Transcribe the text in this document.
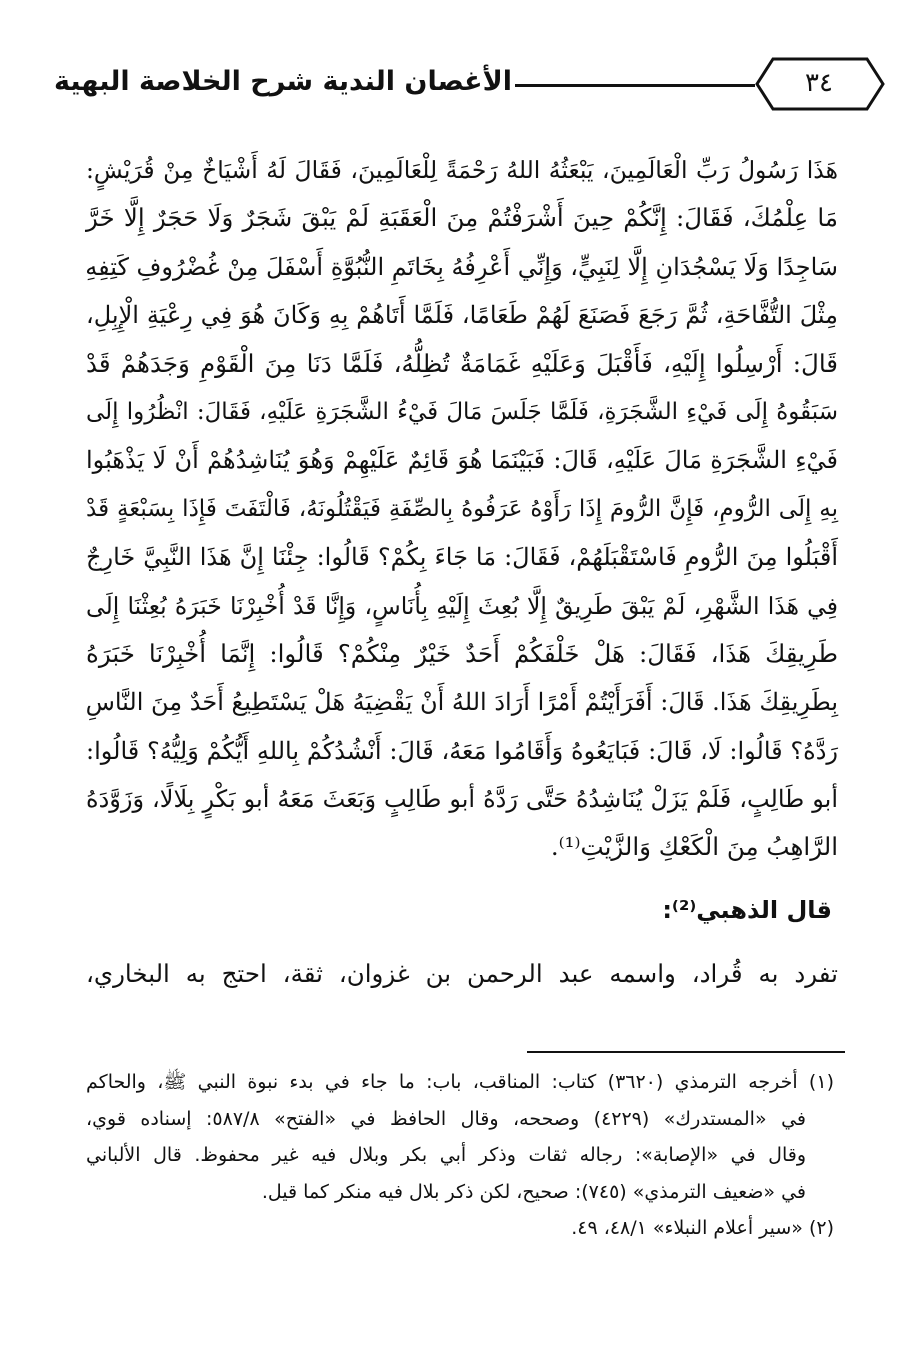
الأغصان الندية شرح الخلاصة البهية	٣٤
هَذَا رَسُولُ رَبِّ الْعَالَمِينَ، يَبْعَثُهُ اللهُ رَحْمَةً لِلْعَالَمِينَ، فَقَالَ لَهُ أَشْيَاخٌ مِنْ قُرَيْشٍ:
مَا عِلْمُكَ، فَقَالَ: إِنَّكُمْ حِينَ أَشْرَفْتُمْ مِنَ الْعَقَبَةِ لَمْ يَبْقَ شَجَرٌ وَلَا حَجَرٌ إِلَّا خَرَّ
سَاجِدًا وَلَا يَسْجُدَانِ إِلَّا لِنَبِيٍّ، وَإِنِّي أَعْرِفُهُ بِخَاتَمِ النُّبُوَّةِ أَسْفَلَ مِنْ غُضْرُوفِ كَتِفِهِ
مِثْلَ التُّفَّاحَةِ، ثُمَّ رَجَعَ فَصَنَعَ لَهُمْ طَعَامًا، فَلَمَّا أَتَاهُمْ بِهِ وَكَانَ هُوَ فِي رِعْيَةِ الْإِبِلِ،
قَالَ: أَرْسِلُوا إِلَيْهِ، فَأَقْبَلَ وَعَلَيْهِ غَمَامَةٌ تُظِلُّهُ، فَلَمَّا دَنَا مِنَ الْقَوْمِ وَجَدَهُمْ قَدْ
سَبَقُوهُ إِلَى فَيْءِ الشَّجَرَةِ، فَلَمَّا جَلَسَ مَالَ فَيْءُ الشَّجَرَةِ عَلَيْهِ، فَقَالَ: انْظُرُوا إِلَى
فَيْءِ الشَّجَرَةِ مَالَ عَلَيْهِ، قَالَ: فَبَيْنَمَا هُوَ قَائِمٌ عَلَيْهِمْ وَهُوَ يُنَاشِدُهُمْ أَنْ لَا يَذْهَبُوا
بِهِ إِلَى الرُّومِ، فَإِنَّ الرُّومَ إِذَا رَأَوْهُ عَرَفُوهُ بِالصِّفَةِ فَيَقْتُلُونَهُ، فَالْتَفَتَ فَإِذَا بِسَبْعَةٍ قَدْ
أَقْبَلُوا مِنَ الرُّومِ فَاسْتَقْبَلَهُمْ، فَقَالَ: مَا جَاءَ بِكُمْ؟ قَالُوا: جِئْنَا إِنَّ هَذَا النَّبِيَّ خَارِجٌ
فِي هَذَا الشَّهْرِ، لَمْ يَبْقَ طَرِيقٌ إِلَّا بُعِثَ إِلَيْهِ بِأُنَاسٍ، وَإِنَّا قَدْ أُخْبِرْنَا خَبَرَهُ بُعِثْنَا إِلَى
طَرِيقِكَ هَذَا، فَقَالَ: هَلْ خَلْفَكُمْ أَحَدٌ خَيْرٌ مِنْكُمْ؟ قَالُوا: إِنَّمَا أُخْبِرْنَا خَبَرَهُ
بِطَرِيقِكَ هَذَا. قَالَ: أَفَرَأَيْتُمْ أَمْرًا أَرَادَ اللهُ أَنْ يَقْضِيَهُ هَلْ يَسْتَطِيعُ أَحَدٌ مِنَ النَّاسِ
رَدَّهُ؟ قَالُوا: لَا، قَالَ: فَبَايَعُوهُ وَأَقَامُوا مَعَهُ، قَالَ: أَنْشُدُكُمْ بِاللهِ أَيُّكُمْ وَلِيُّهُ؟ قَالُوا:
أبو طَالِبٍ، فَلَمْ يَزَلْ يُنَاشِدُهُ حَتَّى رَدَّهُ أبو طَالِبٍ وَبَعَثَ مَعَهُ أبو بَكْرٍ بِلَالًا، وَزَوَّدَهُ
الرَّاهِبُ مِنَ الْكَعْكِ وَالزَّيْتِ⁽¹⁾.
قال الذهبي⁽²⁾:
تفرد به قُراد، واسمه عبد الرحمن بن غزوان، ثقة، احتج به البخاري،
(١) أخرجه الترمذي (٣٦٢٠) كتاب: المناقب، باب: ما جاء في بدء نبوة النبي ﷺ، والحاكم
في «المستدرك» (٤٢٢٩) وصححه، وقال الحافظ في «الفتح» ٥٨٧/٨: إسناده قوي،
وقال في «الإصابة»: رجاله ثقات وذكر أبي بكر وبلال فيه غير محفوظ. قال الألباني
في «ضعيف الترمذي» (٧٤٥): صحيح، لكن ذكر بلال فيه منكر كما قيل.
(٢) «سير أعلام النبلاء» ٤٨/١، ٤٩.
